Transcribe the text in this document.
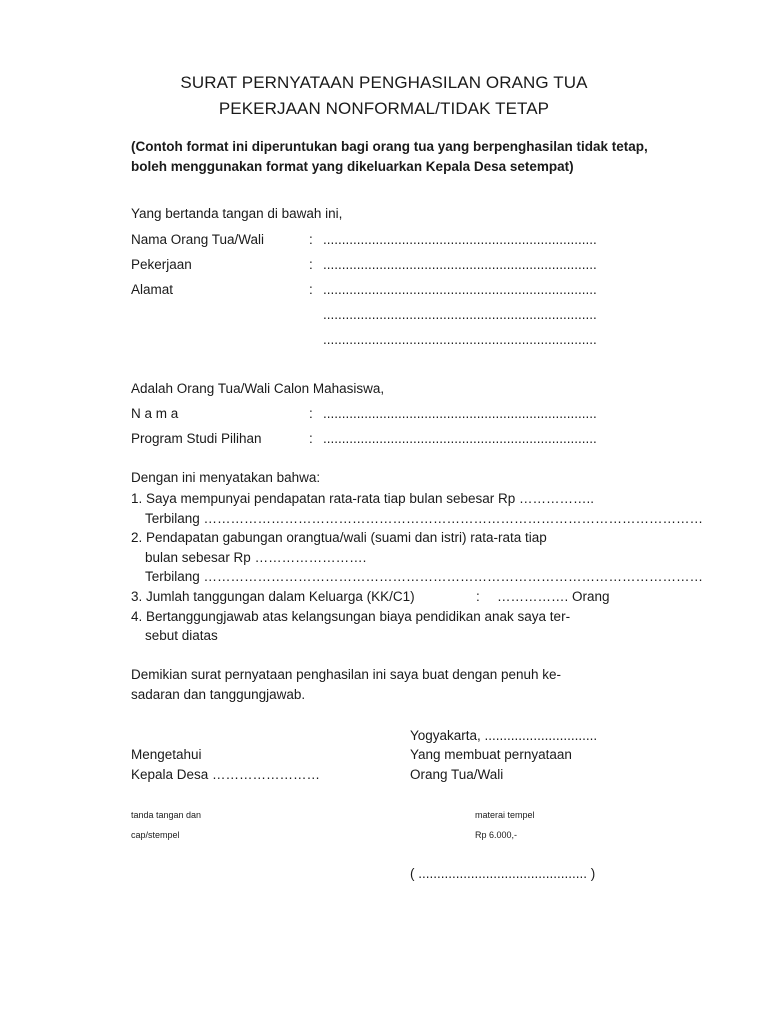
SURAT PERNYATAAN PENGHASILAN ORANG TUA
PEKERJAAN NONFORMAL/TIDAK TETAP
(Contoh format ini diperuntukan bagi orang tua yang berpenghasilan tidak tetap,
boleh menggunakan format yang dikeluarkan Kepala Desa setempat)
Yang bertanda tangan di bawah ini,
Nama Orang Tua/Wali	: .........................................................................
Pekerjaan	: .........................................................................
Alamat	: .........................................................................
.........................................................................
.........................................................................
Adalah Orang Tua/Wali Calon Mahasiswa,
N a m a	: .........................................................................
Program Studi Pilihan	: .........................................................................
Dengan ini menyatakan bahwa:
1. Saya mempunyai pendapatan rata-rata tiap bulan sebesar Rp ……………..
Terbilang …………………………………………………………………………………………………
2. Pendapatan gabungan orangtua/wali (suami dan istri) rata-rata tiap
bulan sebesar Rp …………………….
Terbilang …………………………………………………………………………………………………
3. Jumlah tanggungan dalam Keluarga (KK/C1)	: ……………. Orang
4. Bertanggungjawab atas kelangsungan biaya pendidikan anak saya ter-
sebut diatas
Demikian surat pernyataan penghasilan ini saya buat dengan penuh ke-
sadaran dan tanggungjawab.
Yogyakarta, ..............................
Mengetahui	Yang membuat pernyataan
Kepala Desa ……………………	Orang Tua/Wali
tanda tangan dan	materai tempel
cap/stempel	Rp 6.000,-
( ............................................. )
